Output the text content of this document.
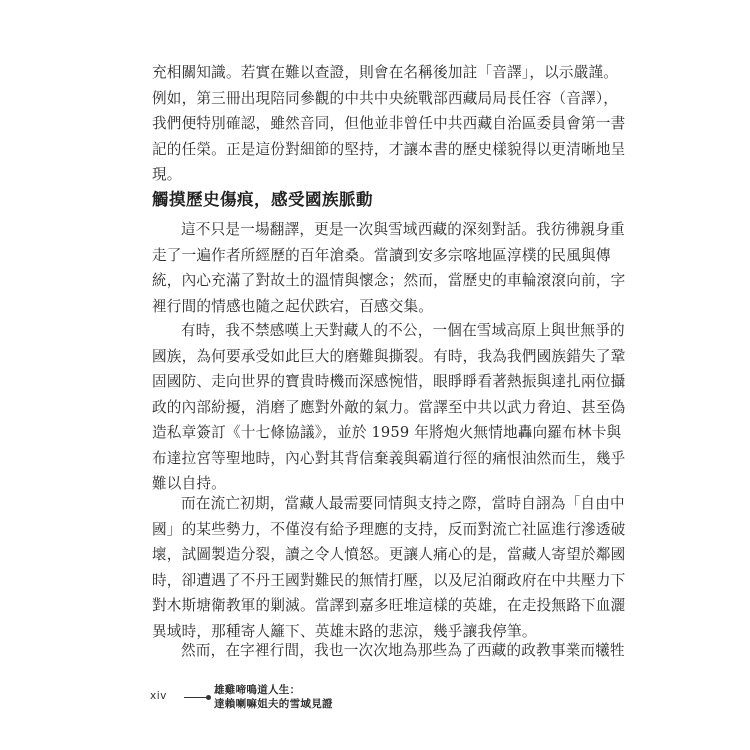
充相關知識。若實在難以查證，則會在名稱後加註「音譯」，以示嚴謹。
例如，第三冊出現陪同參觀的中共中央統戰部西藏局局長任容（音譯），
我們便特別確認，雖然音同，但他並非曾任中共西藏自治區委員會第一書
記的任榮。正是這份對細節的堅持，才讓本書的歷史樣貌得以更清晰地呈
現。
觸摸歷史傷痕，感受國族脈動
這不只是一場翻譯，更是一次與雪域西藏的深刻對話。我彷彿親身重
走了一遍作者所經歷的百年滄桑。當讀到安多宗喀地區淳樸的民風與傳
統，內心充滿了對故土的溫情與懷念；然而，當歷史的車輪滾滾向前，字
裡行間的情感也隨之起伏跌宕，百感交集。
有時，我不禁感嘆上天對藏人的不公，一個在雪域高原上與世無爭的
國族，為何要承受如此巨大的磨難與撕裂。有時，我為我們國族錯失了鞏
固國防、走向世界的寶貴時機而深感惋惜，眼睜睜看著熱振與達扎兩位攝
政的內部紛擾，消磨了應對外敵的氣力。當譯至中共以武力脅迫、甚至偽
造私章簽訂《十七條協議》，並於 1959 年將炮火無情地轟向羅布林卡與
布達拉宮等聖地時，內心對其背信棄義與霸道行徑的痛恨油然而生，幾乎
難以自持。
而在流亡初期，當藏人最需要同情與支持之際，當時自詡為「自由中
國」的某些勢力，不僅沒有給予理應的支持，反而對流亡社區進行滲透破
壞，試圖製造分裂，讀之令人憤怒。更讓人痛心的是，當藏人寄望於鄰國
時，卻遭遇了不丹王國對難民的無情打壓，以及尼泊爾政府在中共壓力下
對木斯塘衛教軍的剿滅。當譯到嘉多旺堆這樣的英雄，在走投無路下血灑
異域時，那種寄人籬下、英雄末路的悲涼，幾乎讓我停筆。
然而，在字裡行間，我也一次次地為那些為了西藏的政教事業而犧牲
xiv	雄雞啼鳴道人生：
達賴喇嘛姐夫的雪域見證
